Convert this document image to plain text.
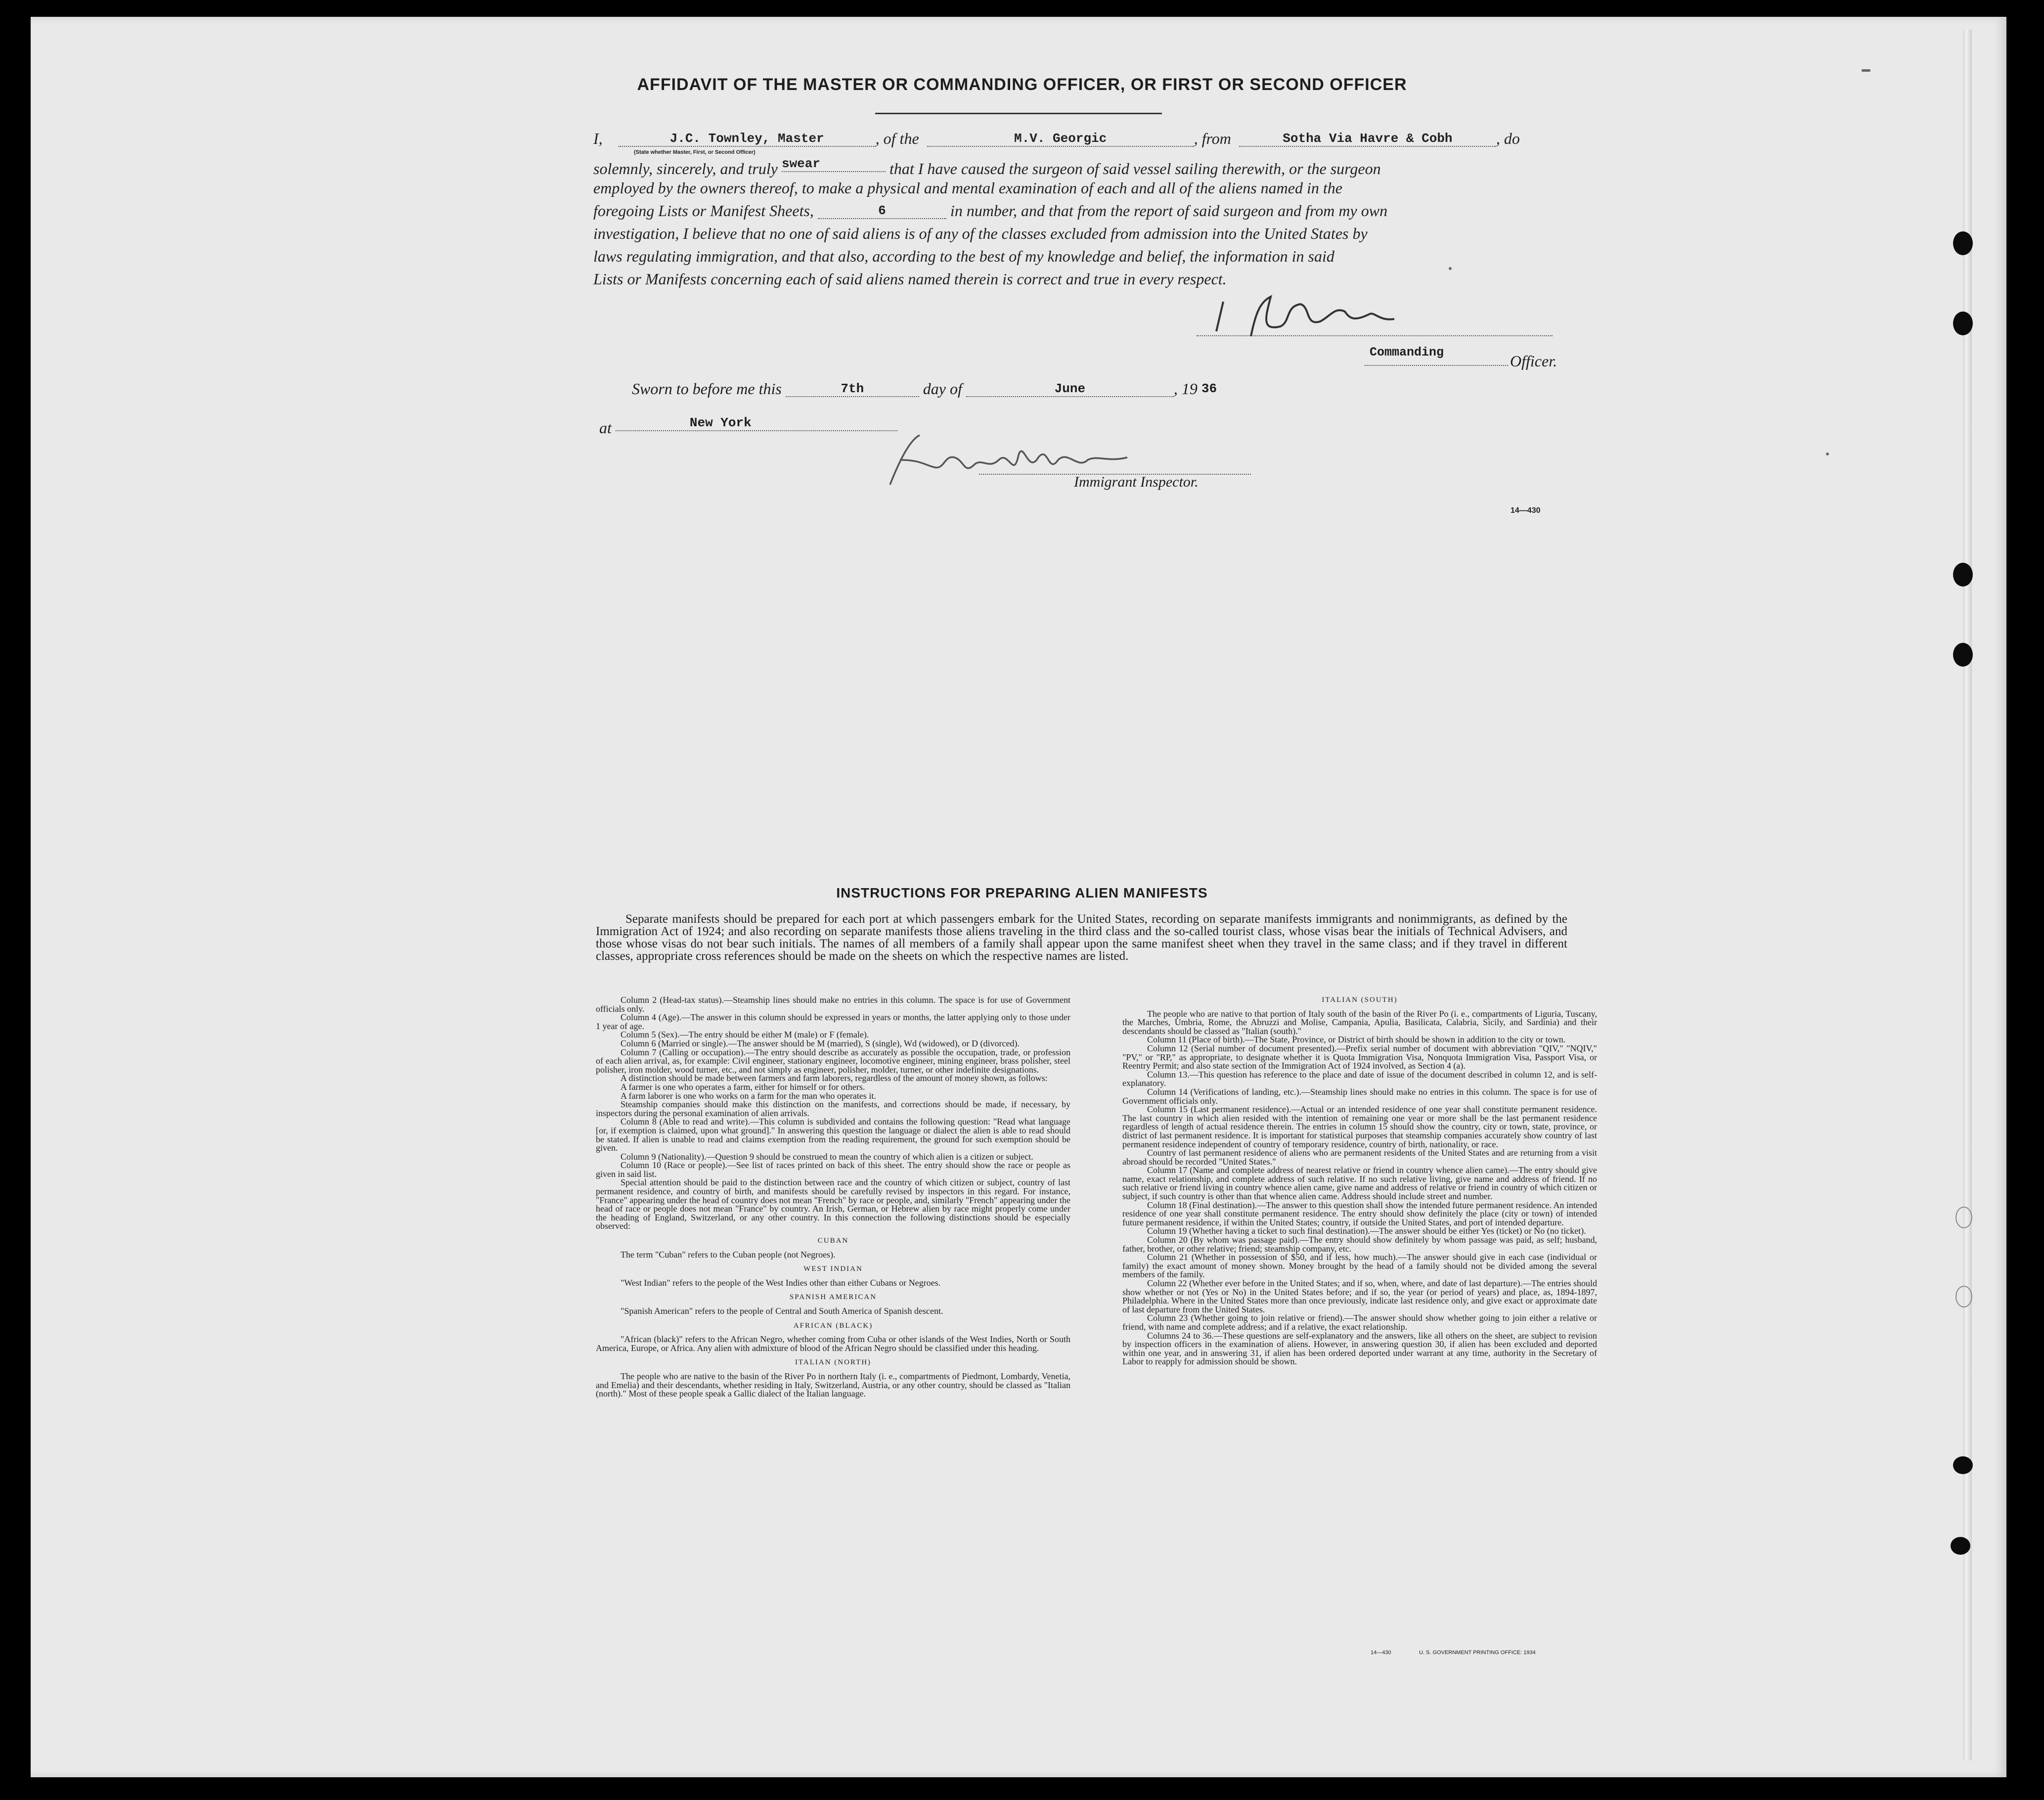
AFFIDAVIT OF THE MASTER OR COMMANDING OFFICER, OR FIRST OR SECOND OFFICER
I,	J.C. Townley, Master	, of the	M.V. Georgic	, from	Sotha Via Havre & Cobh	, do
(State whether Master, First, or Second Officer)
solemnly, sincerely, and truly swear	that I have caused the surgeon of said vessel sailing therewith, or the surgeon
employed by the owners thereof, to make a physical and mental examination of each and all of the aliens named in the
foregoing Lists or Manifest Sheets,	6	in number, and that from the report of said surgeon and from my own
investigation, I believe that no one of said aliens is of any of the classes excluded from admission into the United States by
laws regulating immigration, and that also, according to the best of my knowledge and belief, the information in said
Lists or Manifests concerning each of said aliens named therein is correct and true in every respect.
Commanding	Officer.
Sworn to before me this	7th	day of	June	, 19 36
at	New York
Immigrant Inspector.
14—430
INSTRUCTIONS FOR PREPARING ALIEN MANIFESTS
Separate manifests should be prepared for each port at which passengers embark for the United States, recording on separate manifests immigrants and nonimmigrants, as defined by the Immigration Act of 1924; and also recording on separate manifests those aliens traveling in the third class and the so-called tourist class, whose visas bear the initials of Technical Advisers, and those whose visas do not bear such initials. The names of all members of a family shall appear upon the same manifest sheet when they travel in the same class; and if they travel in different classes, appropriate cross references should be made on the sheets on which the respective names are listed.

Column 2 (Head-tax status).—Steamship lines should make no entries in this column. The space is for use of Government officials only.

Column 4 (Age).—The answer in this column should be expressed in years or months, the latter applying only to those under 1 year of age.

Column 5 (Sex).—The entry should be either M (male) or F (female).

Column 6 (Married or single).—The answer should be M (married), S (single), Wd (widowed), or D (divorced).

Column 7 (Calling or occupation).—The entry should describe as accurately as possible the occupation, trade, or profession of each alien arrival, as, for example: Civil engineer, stationary engineer, locomotive engineer, mining engineer, brass polisher, steel polisher, iron molder, wood turner, etc., and not simply as engineer, polisher, molder, turner, or other indefinite designations.

A distinction should be made between farmers and farm laborers, regardless of the amount of money shown, as follows:

A farmer is one who operates a farm, either for himself or for others.

A farm laborer is one who works on a farm for the man who operates it.

Steamship companies should make this distinction on the manifests, and corrections should be made, if necessary, by inspectors during the personal examination of alien arrivals.

Column 8 (Able to read and write).—This column is subdivided and contains the following question: "Read what language [or, if exemption is claimed, upon what ground]." In answering this question the language or dialect the alien is able to read should be stated. If alien is unable to read and claims exemption from the reading requirement, the ground for such exemption should be given.

Column 9 (Nationality).—Question 9 should be construed to mean the country of which alien is a citizen or subject.

Column 10 (Race or people).—See list of races printed on back of this sheet. The entry should show the race or people as given in said list.

Special attention should be paid to the distinction between race and the country of which citizen or subject, country of last permanent residence, and country of birth, and manifests should be carefully revised by inspectors in this regard. For instance, "France" appearing under the head of country does not mean "French" by race or people, and, similarly "French" appearing under the head of race or people does not mean "France" by country. An Irish, German, or Hebrew alien by race might properly come under the heading of England, Switzerland, or any other country. In this connection the following distinctions should be especially observed:

CUBAN

The term "Cuban" refers to the Cuban people (not Negroes).

WEST INDIAN

"West Indian" refers to the people of the West Indies other than either Cubans or Negroes.

SPANISH AMERICAN

"Spanish American" refers to the people of Central and South America of Spanish descent.

AFRICAN (BLACK)

"African (black)" refers to the African Negro, whether coming from Cuba or other islands of the West Indies, North or South America, Europe, or Africa. Any alien with admixture of blood of the African Negro should be classified under this heading.

ITALIAN (NORTH)

The people who are native to the basin of the River Po in northern Italy (i. e., compartments of Piedmont, Lombardy, Venetia, and Emelia) and their descendants, whether residing in Italy, Switzerland, Austria, or any other country, should be classed as "Italian (north)." Most of these people speak a Gallic dialect of the Italian language.

ITALIAN (SOUTH)

The people who are native to that portion of Italy south of the basin of the River Po (i. e., compartments of Liguria, Tuscany, the Marches, Umbria, Rome, the Abruzzi and Molise, Campania, Apulia, Basilicata, Calabria, Sicily, and Sardinia) and their descendants should be classed as "Italian (south)."

Column 11 (Place of birth).—The State, Province, or District of birth should be shown in addition to the city or town.

Column 12 (Serial number of document presented).—Prefix serial number of document with abbreviation "QIV," "NQIV," "PV," or "RP," as appropriate, to designate whether it is Quota Immigration Visa, Nonquota Immigration Visa, Passport Visa, or Reentry Permit; and also state section of the Immigration Act of 1924 involved, as Section 4 (a).

Column 13.—This question has reference to the place and date of issue of the document described in column 12, and is self-explanatory.

Column 14 (Verifications of landing, etc.).—Steamship lines should make no entries in this column. The space is for use of Government officials only.

Column 15 (Last permanent residence).—Actual or an intended residence of one year shall constitute permanent residence. The last country in which alien resided with the intention of remaining one year or more shall be the last permanent residence regardless of length of actual residence therein. The entries in column 15 should show the country, city or town, state, province, or district of last permanent residence. It is important for statistical purposes that steamship companies accurately show country of last permanent residence independent of country of temporary residence, country of birth, nationality, or race.

Country of last permanent residence of aliens who are permanent residents of the United States and are returning from a visit abroad should be recorded "United States."

Column 17 (Name and complete address of nearest relative or friend in country whence alien came).—The entry should give name, exact relationship, and complete address of such relative. If no such relative living, give name and address of friend. If no such relative or friend living in country whence alien came, give name and address of relative or friend in country of which citizen or subject, if such country is other than that whence alien came. Address should include street and number.

Column 18 (Final destination).—The answer to this question shall show the intended future permanent residence. An intended residence of one year shall constitute permanent residence. The entry should show definitely the place (city or town) of intended future permanent residence, if within the United States; country, if outside the United States, and port of intended departure.

Column 19 (Whether having a ticket to such final destination).—The answer should be either Yes (ticket) or No (no ticket).

Column 20 (By whom was passage paid).—The entry should show definitely by whom passage was paid, as self; husband, father, brother, or other relative; friend; steamship company, etc.

Column 21 (Whether in possession of $50, and if less, how much).—The answer should give in each case (individual or family) the exact amount of money shown. Money brought by the head of a family should not be divided among the several members of the family.

Column 22 (Whether ever before in the United States; and if so, when, where, and date of last departure).—The entries should show whether or not (Yes or No) in the United States before; and if so, the year (or period of years) and place, as, 1894-1897, Philadelphia. Where in the United States more than once previously, indicate last residence only, and give exact or approximate date of last departure from the United States.

Column 23 (Whether going to join relative or friend).—The answer should show whether going to join either a relative or friend, with name and complete address; and if a relative, the exact relationship.

Columns 24 to 36.—These questions are self-explanatory and the answers, like all others on the sheet, are subject to revision by inspection officers in the examination of aliens. However, in answering question 30, if alien has been excluded and deported within one year, and in answering 31, if alien has been ordered deported under warrant at any time, authority in the Secretary of Labor to reapply for admission should be shown.

14—430	U. S. GOVERNMENT PRINTING OFFICE: 1934
